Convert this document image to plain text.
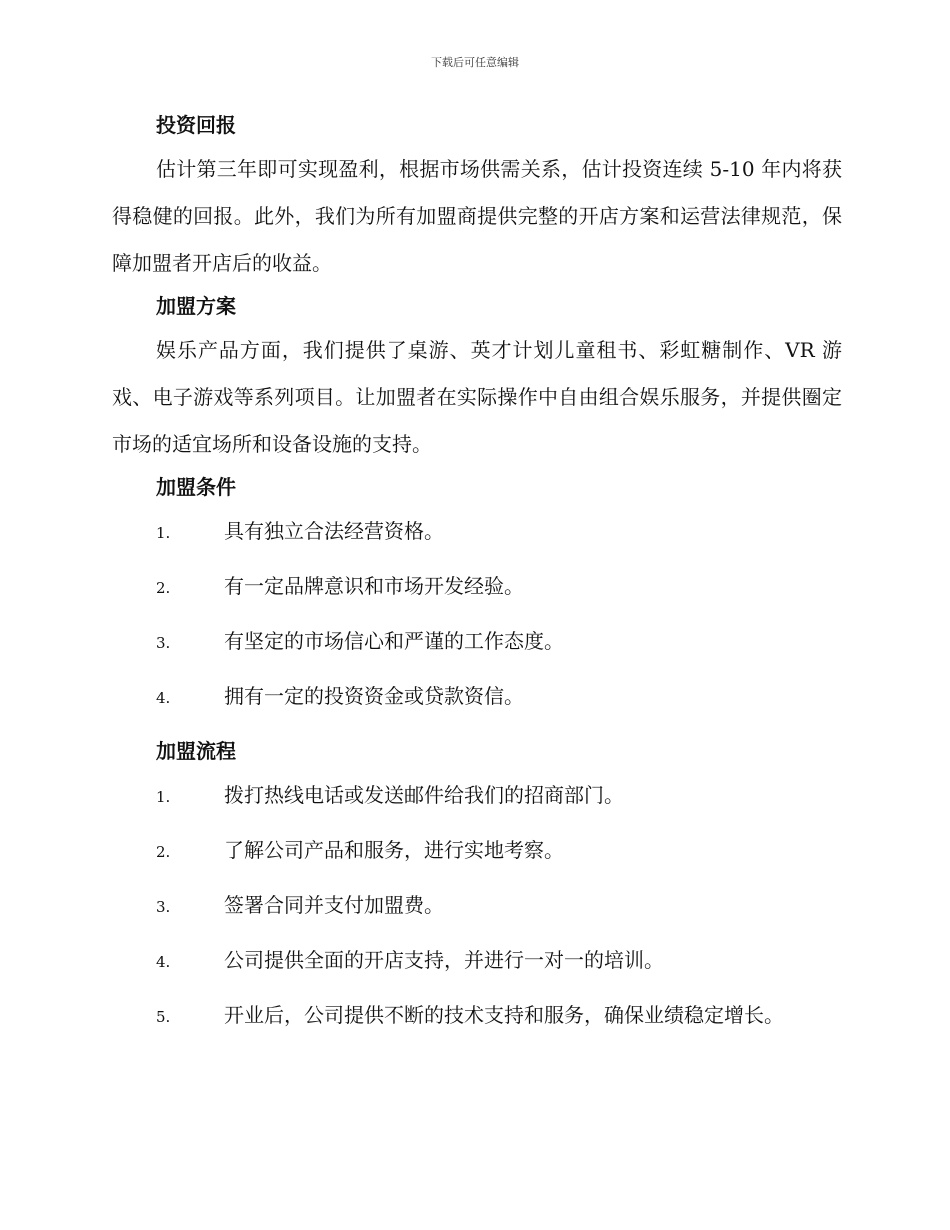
下载后可任意编辑
投资回报

估计第三年即可实现盈利，根据市场供需关系，估计投资连续 5-10 年内将获得稳健的回报。此外，我们为所有加盟商提供完整的开店方案和运营法律规范，保障加盟者开店后的收益。

加盟方案

娱乐产品方面，我们提供了桌游、英才计划儿童租书、彩虹糖制作、VR 游戏、电子游戏等系列项目。让加盟者在实际操作中自由组合娱乐服务，并提供圈定市场的适宜场所和设备设施的支持。

加盟条件
1.	具有独立合法经营资格。
2.	有一定品牌意识和市场开发经验。
3.	有坚定的市场信心和严谨的工作态度。
4.	拥有一定的投资资金或贷款资信。
加盟流程
1.	拨打热线电话或发送邮件给我们的招商部门。
2.	了解公司产品和服务，进行实地考察。
3.	签署合同并支付加盟费。
4.	公司提供全面的开店支持，并进行一对一的培训。
5.	开业后，公司提供不断的技术支持和服务，确保业绩稳定增长。
